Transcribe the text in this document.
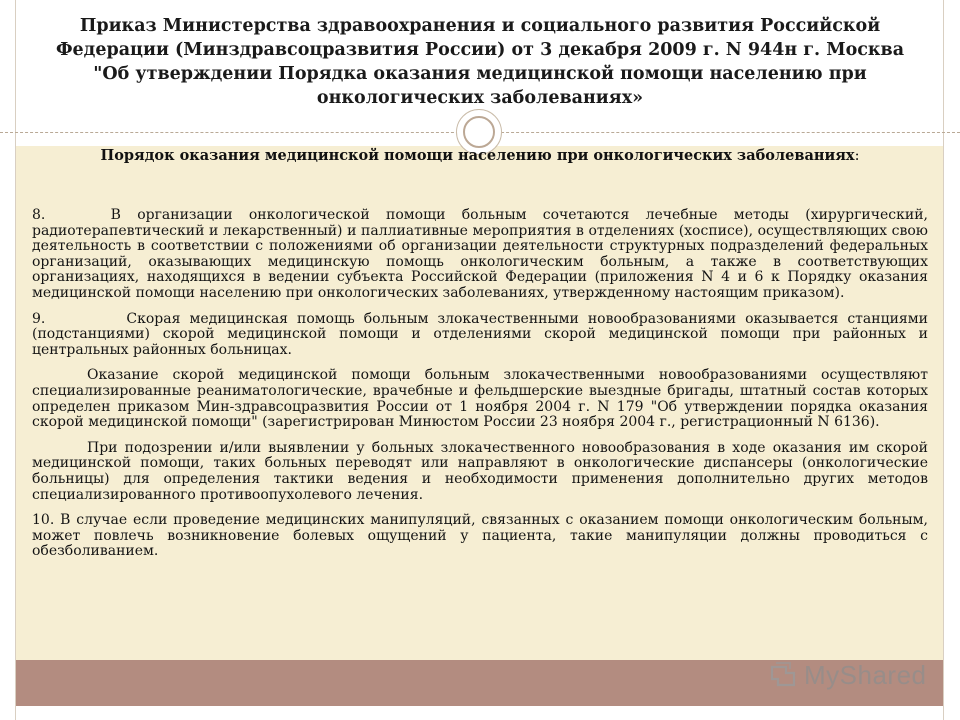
Приказ Министерства здравоохранения и социального развития Российской Федерации (Минздравсоцразвития России) от 3 декабря 2009 г. N 944н г. Москва "Об утверждении Порядка оказания медицинской помощи населению при онкологических заболеваниях»

Порядок оказания медицинской помощи населению при онкологических заболеваниях:

8.	В организации онкологической помощи больным сочетаются лечебные методы (хирургический, радиотерапевтический и лекарственный) и паллиативные мероприятия в отделениях (хосписе), осуществляющих свою деятельность в соответствии с положениями об организации деятельности структурных подразделений федеральных организаций, оказывающих медицинскую помощь онкологическим больным, а также в соответствующих организациях, находящихся в ведении субъекта Российской Федерации (приложения N 4 и 6 к Порядку оказания медицинской помощи населению при онкологических заболеваниях, утвержденному настоящим приказом).

9.	Скорая медицинская помощь больным злокачественными новообразованиями оказывается станциями (подстанциями) скорой медицинской помощи и отделениями скорой медицинской помощи при районных и центральных районных больницах.

Оказание скорой медицинской помощи больным злокачественными новообразованиями осуществляют специализированные реаниматологические, врачебные и фельдшерские выездные бригады, штатный состав которых определен приказом Мин-здравсоцразвития России от 1 ноября 2004 г. N 179 "Об утверждении порядка оказания скорой медицинской помощи" (зарегистрирован Минюстом России 23 ноября 2004 г., регистрационный N 6136).

При подозрении и/или выявлении у больных злокачественного новообразования в ходе оказания им скорой медицинской помощи, таких больных переводят или направляют в онкологические диспансеры (онкологические больницы) для определения тактики ведения и необходимости применения дополнительно других методов специализированного противоопухолевого лечения.

10. В случае если проведение медицинских манипуляций, связанных с оказанием помощи онкологическим больным, может повлечь возникновение болевых ощущений у пациента, такие манипуляции должны проводиться с обезболиванием.

MyShared
